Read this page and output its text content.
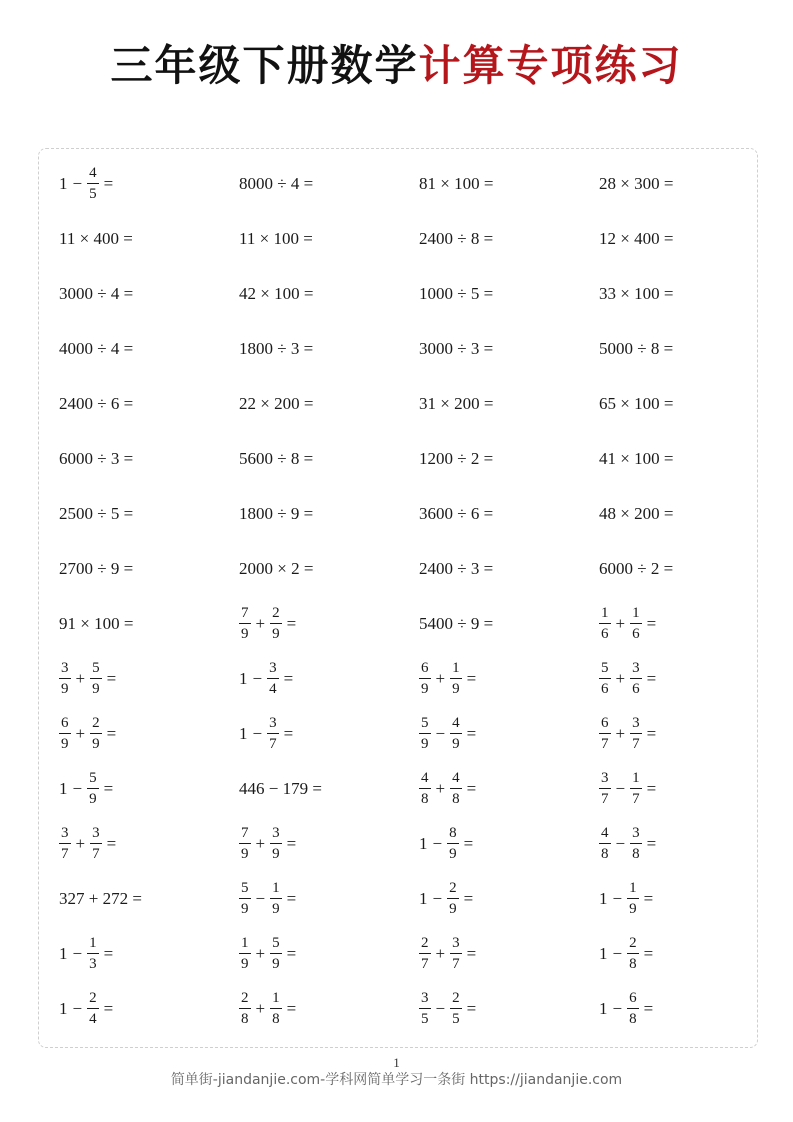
三年级下册数学计算专项练习
$1 - \frac{4}{5}$ =	8000 ÷ 4 =	81 × 100 =	28 × 300 =
11 × 400 =	11 × 100 =	2400 ÷ 8 =	12 × 400 =
3000 ÷ 4 =	42 × 100 =	1000 ÷ 5 =	33 × 100 =
4000 ÷ 4 =	1800 ÷ 3 =	3000 ÷ 3 =	5000 ÷ 8 =
2400 ÷ 6 =	22 × 200 =	31 × 200 =	65 × 100 =
6000 ÷ 3 =	5600 ÷ 8 =	1200 ÷ 2 =	41 × 100 =
2500 ÷ 5 =	1800 ÷ 9 =	3600 ÷ 6 =	48 × 200 =
2700 ÷ 9 =	2000 × 2 =	2400 ÷ 3 =	6000 ÷ 2 =
91 × 100 =	$\frac{7}{9} + \frac{2}{9}$ =	5400 ÷ 9 =	$\frac{1}{6} + \frac{1}{6}$ =
$\frac{3}{9} + \frac{5}{9}$ =	$1 - \frac{3}{4}$ =	$\frac{6}{9} + \frac{1}{9}$ =	$\frac{5}{6} + \frac{3}{6}$ =
$\frac{6}{9} + \frac{2}{9}$ =	$1 - \frac{3}{7}$ =	$\frac{5}{9} - \frac{4}{9}$ =	$\frac{6}{7} + \frac{3}{7}$ =
$1 - \frac{5}{9}$ =	446 − 179 =	$\frac{4}{8} + \frac{4}{8}$ =	$\frac{3}{7} - \frac{1}{7}$ =
$\frac{3}{7} + \frac{3}{7}$ =	$\frac{7}{9} + \frac{3}{9}$ =	$1 - \frac{8}{9}$ =	$\frac{4}{8} - \frac{3}{8}$ =
327 + 272 =	$\frac{5}{9} - \frac{1}{9}$ =	$1 - \frac{2}{9}$ =	$1 - \frac{1}{9}$ =
$1 - \frac{1}{3}$ =	$\frac{1}{9} + \frac{5}{9}$ =	$\frac{2}{7} + \frac{3}{7}$ =	$1 - \frac{2}{8}$ =
$1 - \frac{2}{4}$ =	$\frac{2}{8} + \frac{1}{8}$ =	$\frac{3}{5} - \frac{2}{5}$ =	$1 - \frac{6}{8}$ =
1
简单街-jiandanjie.com-学科网简单学习一条街 https://jiandanjie.com
